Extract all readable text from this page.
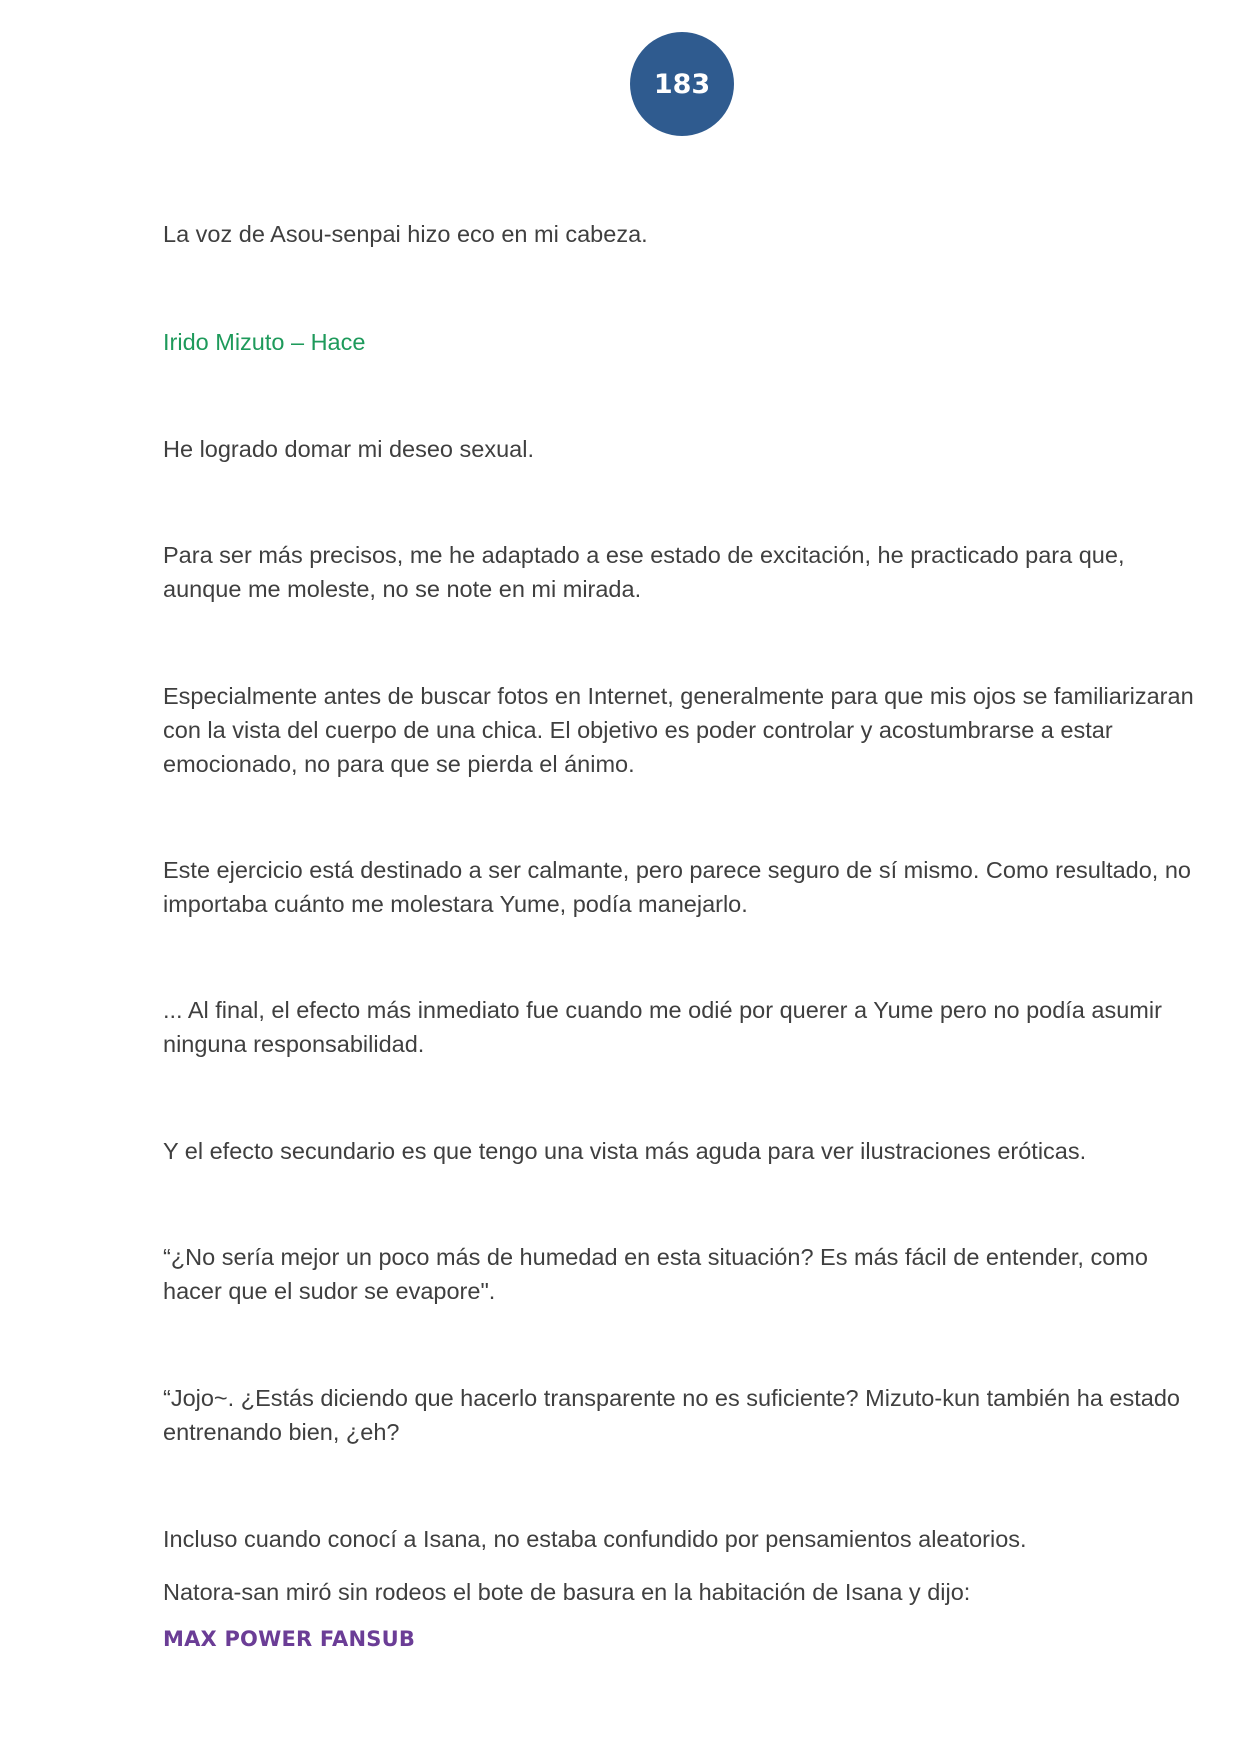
183

La voz de Asou-senpai hizo eco en mi cabeza.

Irido Mizuto – Hace

He logrado domar mi deseo sexual.

Para ser más precisos, me he adaptado a ese estado de excitación, he practicado para que, aunque me moleste, no se note en mi mirada.

Especialmente antes de buscar fotos en Internet, generalmente para que mis ojos se familiarizaran con la vista del cuerpo de una chica. El objetivo es poder controlar y acostumbrarse a estar emocionado, no para que se pierda el ánimo.

Este ejercicio está destinado a ser calmante, pero parece seguro de sí mismo. Como resultado, no importaba cuánto me molestara Yume, podía manejarlo.

... Al final, el efecto más inmediato fue cuando me odié por querer a Yume pero no podía asumir ninguna responsabilidad.

Y el efecto secundario es que tengo una vista más aguda para ver ilustraciones eróticas.

“¿No sería mejor un poco más de humedad en esta situación? Es más fácil de entender, como hacer que el sudor se evapore".

“Jojo~. ¿Estás diciendo que hacerlo transparente no es suficiente? Mizuto-kun también ha estado entrenando bien, ¿eh?

Incluso cuando conocí a Isana, no estaba confundido por pensamientos aleatorios.

Natora-san miró sin rodeos el bote de basura en la habitación de Isana y dijo:

MAX POWER FANSUB
